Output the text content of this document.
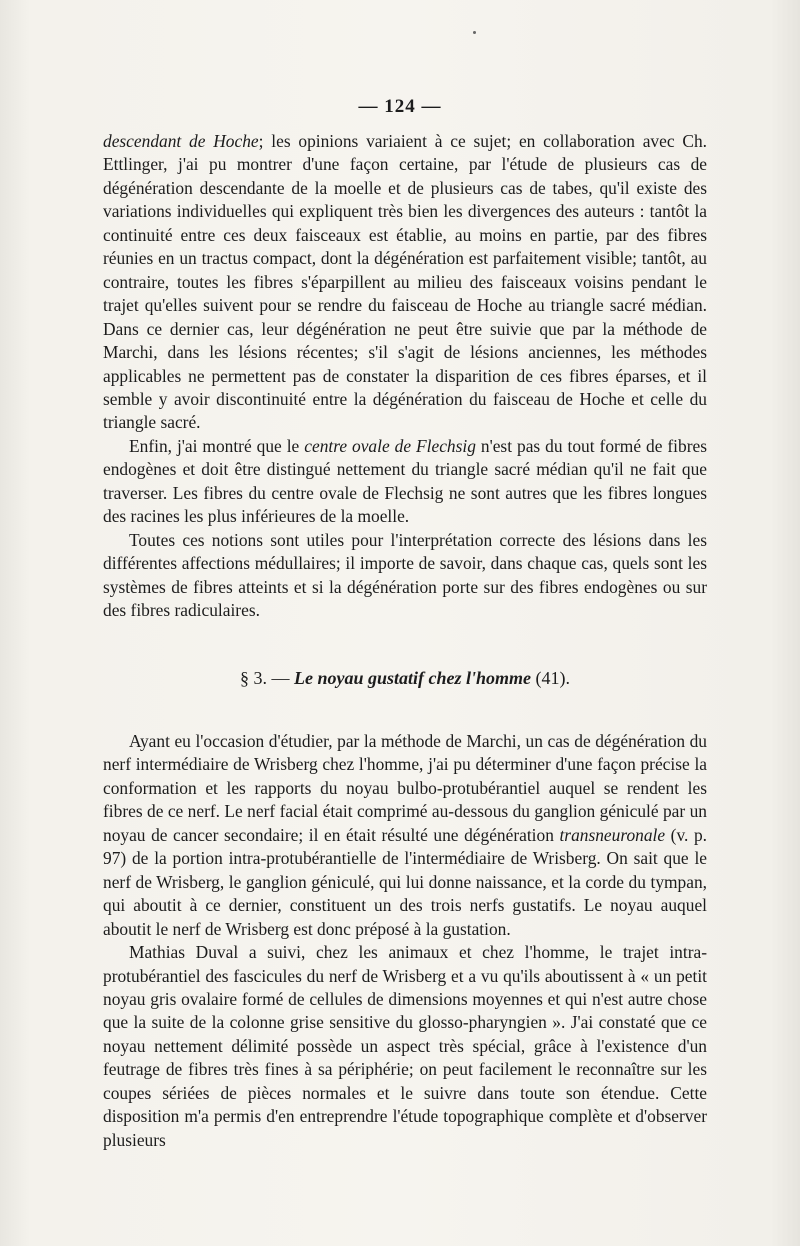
— 124 —

descendant de Hoche; les opinions variaient à ce sujet; en collaboration avec Ch. Ettlinger, j'ai pu montrer d'une façon certaine, par l'étude de plusieurs cas de dégénération descendante de la moelle et de plusieurs cas de tabes, qu'il existe des variations individuelles qui expliquent très bien les divergences des auteurs : tantôt la continuité entre ces deux faisceaux est établie, au moins en partie, par des fibres réunies en un tractus compact, dont la dégénération est parfaitement visible; tantôt, au contraire, toutes les fibres s'éparpillent au milieu des faisceaux voisins pendant le trajet qu'elles suivent pour se rendre du faisceau de Hoche au triangle sacré médian. Dans ce dernier cas, leur dégénération ne peut être suivie que par la méthode de Marchi, dans les lésions récentes; s'il s'agit de lésions anciennes, les méthodes applicables ne permettent pas de constater la disparition de ces fibres éparses, et il semble y avoir discontinuité entre la dégénération du faisceau de Hoche et celle du triangle sacré.

Enfin, j'ai montré que le centre ovale de Flechsig n'est pas du tout formé de fibres endogènes et doit être distingué nettement du triangle sacré médian qu'il ne fait que traverser. Les fibres du centre ovale de Flechsig ne sont autres que les fibres longues des racines les plus inférieures de la moelle.

Toutes ces notions sont utiles pour l'interprétation correcte des lésions dans les différentes affections médullaires; il importe de savoir, dans chaque cas, quels sont les systèmes de fibres atteints et si la dégénération porte sur des fibres endogènes ou sur des fibres radiculaires.

§ 3. — Le noyau gustatif chez l'homme (41).

Ayant eu l'occasion d'étudier, par la méthode de Marchi, un cas de dégénération du nerf intermédiaire de Wrisberg chez l'homme, j'ai pu déterminer d'une façon précise la conformation et les rapports du noyau bulbo-protubérantiel auquel se rendent les fibres de ce nerf. Le nerf facial était comprimé au-dessous du ganglion géniculé par un noyau de cancer secondaire; il en était résulté une dégénération transneuronale (v. p. 97) de la portion intra-protubérantielle de l'intermédiaire de Wrisberg. On sait que le nerf de Wrisberg, le ganglion géniculé, qui lui donne naissance, et la corde du tympan, qui aboutit à ce dernier, constituent un des trois nerfs gustatifs. Le noyau auquel aboutit le nerf de Wrisberg est donc préposé à la gustation.

Mathias Duval a suivi, chez les animaux et chez l'homme, le trajet intra-protubérantiel des fascicules du nerf de Wrisberg et a vu qu'ils aboutissent à « un petit noyau gris ovalaire formé de cellules de dimensions moyennes et qui n'est autre chose que la suite de la colonne grise sensitive du glosso-pharyngien ». J'ai constaté que ce noyau nettement délimité possède un aspect très spécial, grâce à l'existence d'un feutrage de fibres très fines à sa périphérie; on peut facilement le reconnaître sur les coupes sériées de pièces normales et le suivre dans toute son étendue. Cette disposition m'a permis d'en entreprendre l'étude topographique complète et d'observer plusieurs
